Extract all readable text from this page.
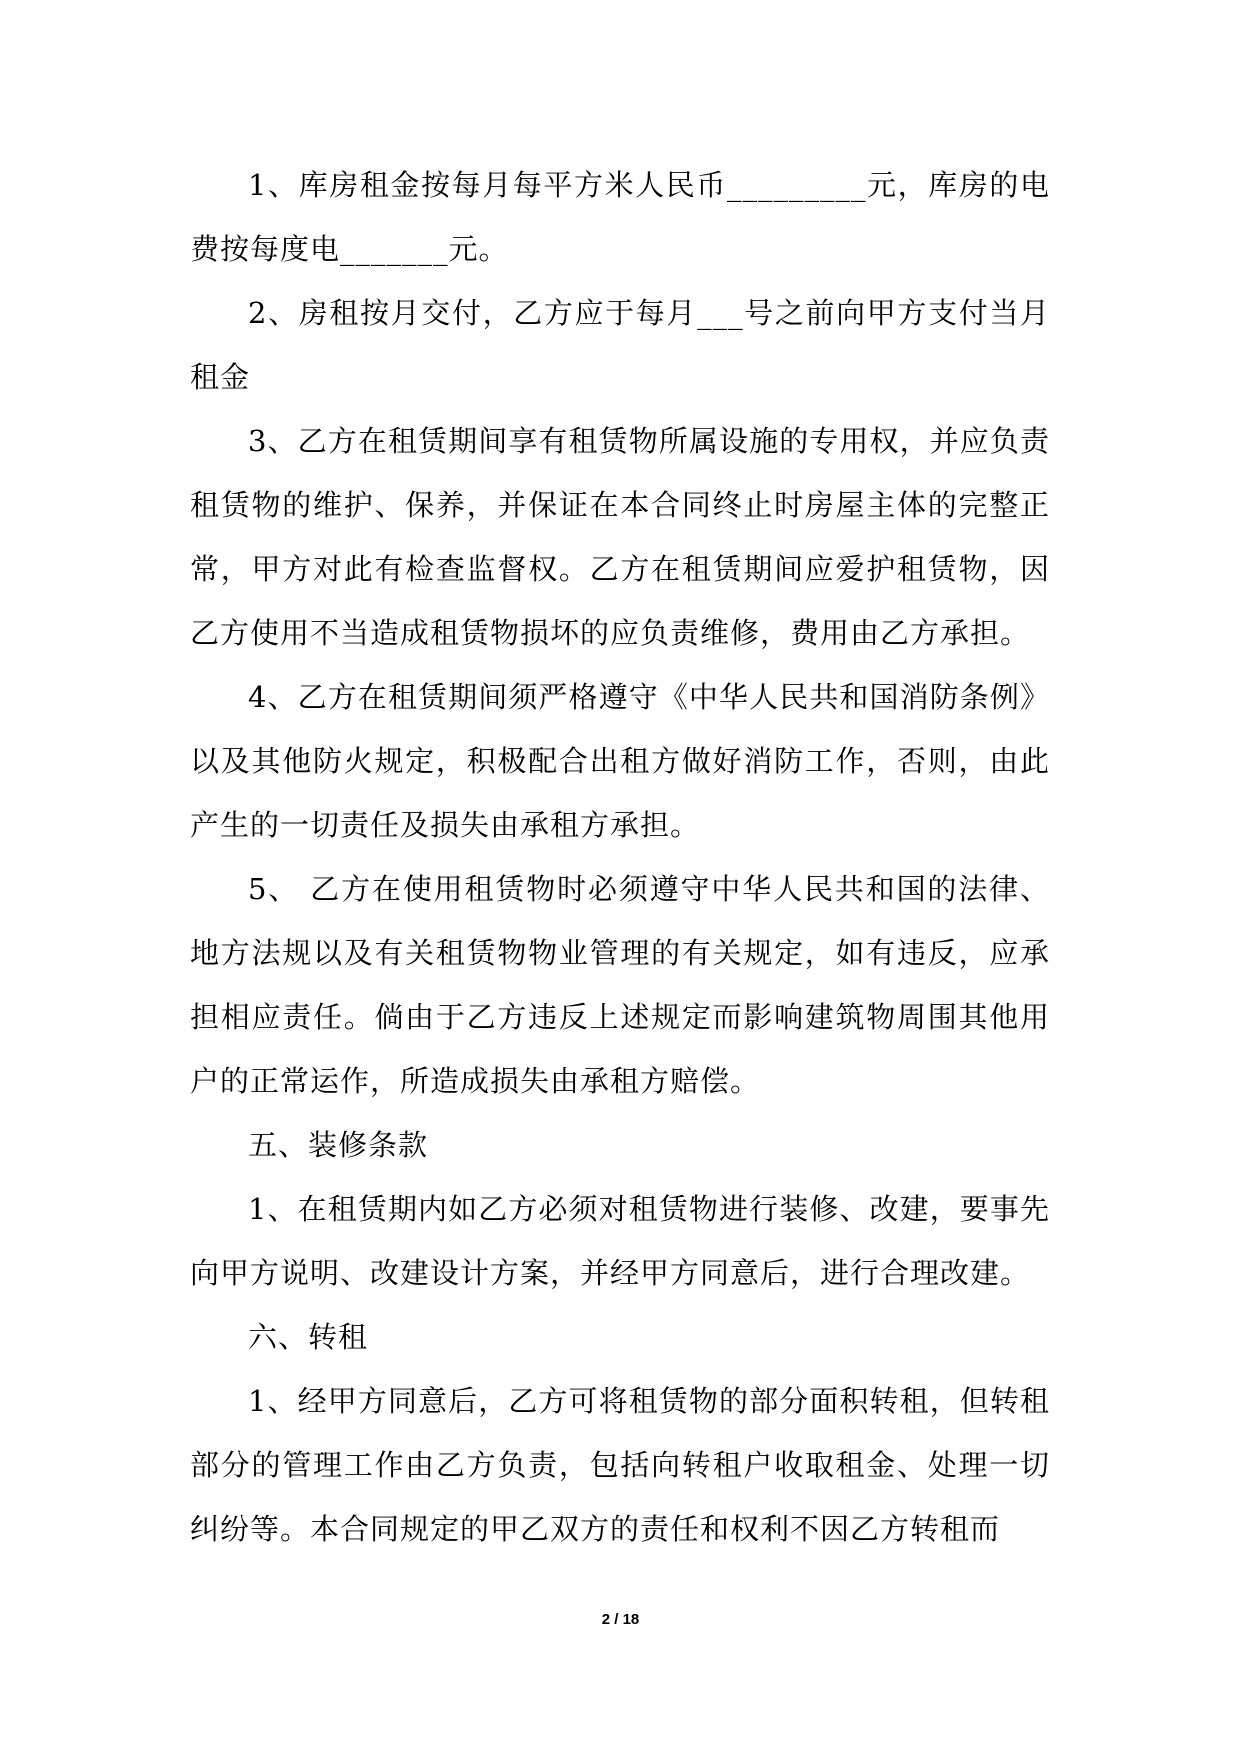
1、库房租金按每月每平方米人民币_________元，库房的电费按每度电_______元。

2、房租按月交付，乙方应于每月___号之前向甲方支付当月租金

3、乙方在租赁期间享有租赁物所属设施的专用权，并应负责租赁物的维护、保养，并保证在本合同终止时房屋主体的完整正常，甲方对此有检查监督权。乙方在租赁期间应爱护租赁物，因乙方使用不当造成租赁物损坏的应负责维修，费用由乙方承担。

4、乙方在租赁期间须严格遵守《中华人民共和国消防条例》以及其他防火规定，积极配合出租方做好消防工作，否则，由此产生的一切责任及损失由承租方承担。

5、 乙方在使用租赁物时必须遵守中华人民共和国的法律、地方法规以及有关租赁物物业管理的有关规定，如有违反，应承担相应责任。倘由于乙方违反上述规定而影响建筑物周围其他用户的正常运作，所造成损失由承租方赔偿。

五、装修条款

1、在租赁期内如乙方必须对租赁物进行装修、改建，要事先向甲方说明、改建设计方案，并经甲方同意后，进行合理改建。

六、转租

1、经甲方同意后，乙方可将租赁物的部分面积转租，但转租部分的管理工作由乙方负责，包括向转租户收取租金、处理一切纠纷等。本合同规定的甲乙双方的责任和权利不因乙方转租而

2 / 18
